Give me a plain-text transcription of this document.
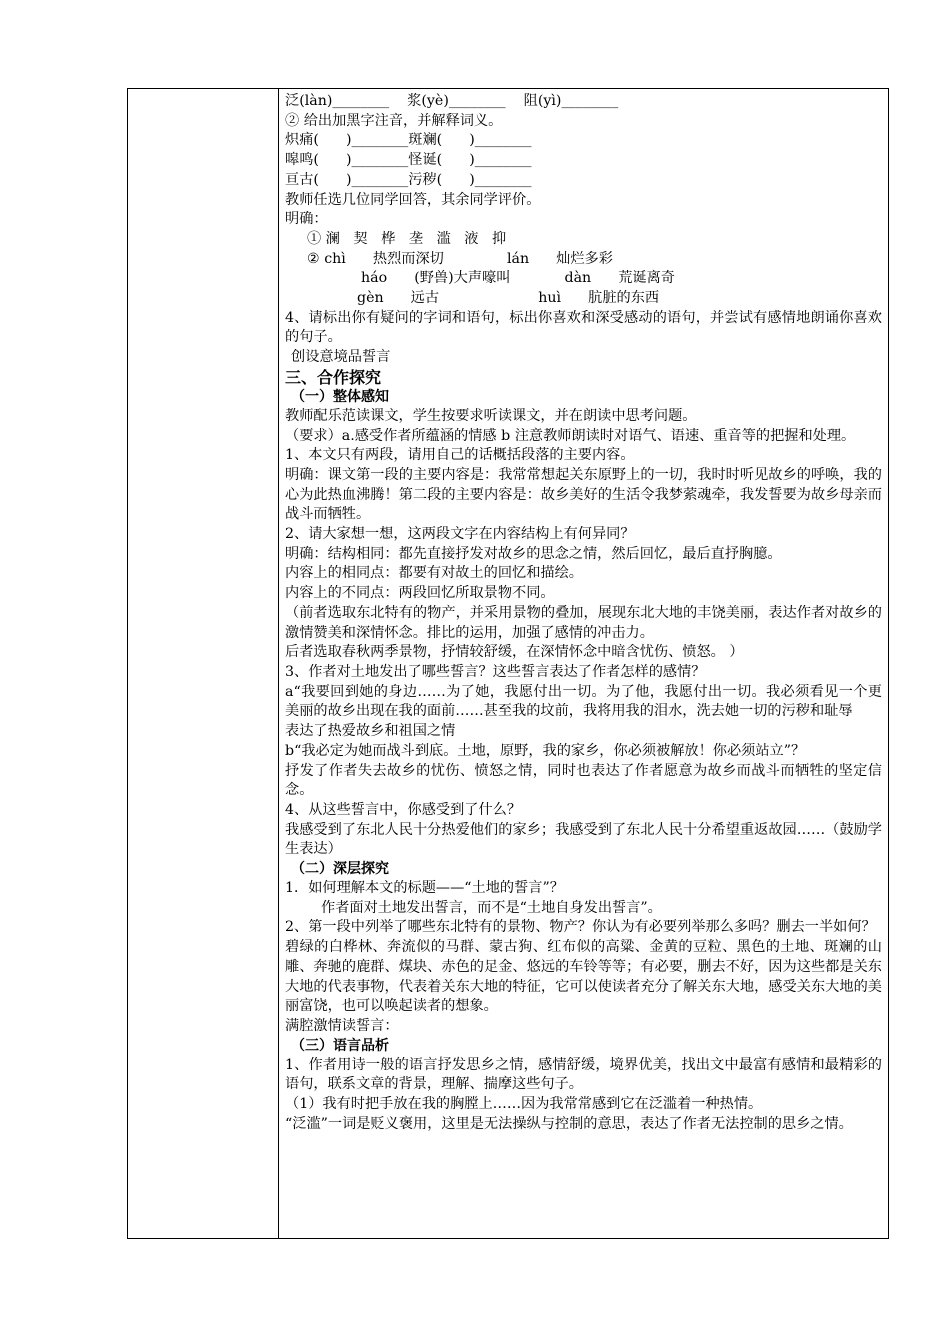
泛(làn)________    浆(yè)________    阻(yì)________

② 给出加黑字注音，并解释词义。

炽痛(      )________斑斓(      )________

嗥鸣(      )________怪诞(      )________

亘古(      )________污秽(      )________

教师任选几位同学回答，其余同学评价。

明确：

① 澜   契   桦   垄   滥   液   抑

② chì      热烈而深切              lán      灿烂多彩

háo      (野兽)大声嚎叫            dàn      荒诞离奇

gèn      远古                      huì      肮脏的东西

4、请标出你有疑问的字词和语句，标出你喜欢和深受感动的语句，并尝试有感情地朗诵你喜欢的句子。

创设意境品誓言

三、合作探究

（一）整体感知

教师配乐范读课文，学生按要求听读课文，并在朗读中思考问题。

（要求）a.感受作者所蕴涵的情感 b 注意教师朗读时对语气、语速、重音等的把握和处理。

1、本文只有两段，请用自己的话概括段落的主要内容。

明确：课文第一段的主要内容是：我常常想起关东原野上的一切，我时时听见故乡的呼唤，我的心为此热血沸腾！第二段的主要内容是：故乡美好的生活令我梦萦魂牵，我发誓要为故乡母亲而战斗而牺牲。

2、请大家想一想，这两段文字在内容结构上有何异同？

明确：结构相同：都先直接抒发对故乡的思念之情，然后回忆，最后直抒胸臆。

内容上的相同点：都要有对故土的回忆和描绘。

内容上的不同点：两段回忆所取景物不同。

（前者选取东北特有的物产，并采用景物的叠加，展现东北大地的丰饶美丽，表达作者对故乡的激情赞美和深情怀念。排比的运用，加强了感情的冲击力。

后者选取春秋两季景物，抒情较舒缓，在深情怀念中暗含忧伤、愤怒。 ）

3、作者对土地发出了哪些誓言？这些誓言表达了作者怎样的感情？

a“我要回到她的身边……为了她，我愿付出一切。为了他，我愿付出一切。我必须看见一个更美丽的故乡出现在我的面前……甚至我的坟前，我将用我的泪水，洗去她一切的污秽和耻辱

表达了热爱故乡和祖国之情

b“我必定为她而战斗到底。土地，原野，我的家乡，你必须被解放！你必须站立”？

抒发了作者失去故乡的忧伤、愤怒之情，同时也表达了作者愿意为故乡而战斗而牺牲的坚定信念。

4、从这些誓言中，你感受到了什么？

我感受到了东北人民十分热爱他们的家乡；我感受到了东北人民十分希望重返故园……（鼓励学生表达）

（二）深层探究

1．如何理解本文的标题——“土地的誓言”？

作者面对土地发出誓言，而不是“土地自身发出誓言”。

2、第一段中列举了哪些东北特有的景物、物产？你认为有必要列举那么多吗？删去一半如何？

碧绿的白桦林、奔流似的马群、蒙古狗、红布似的高粱、金黄的豆粒、黑色的土地、斑斓的山雕、奔驰的鹿群、煤块、赤色的足金、悠远的车铃等等；有必要，删去不好，因为这些都是关东大地的代表事物，代表着关东大地的特征，它可以使读者充分了解关东大地，感受关东大地的美丽富饶，也可以唤起读者的想象。

满腔激情读誓言：

（三）语言品析

1、作者用诗一般的语言抒发思乡之情，感情舒缓，境界优美，找出文中最富有感情和最精彩的语句，联系文章的背景，理解、揣摩这些句子。

（1）我有时把手放在我的胸膛上……因为我常常感到它在泛滥着一种热情。

“泛滥”一词是贬义褒用，这里是无法操纵与控制的意思，表达了作者无法控制的思乡之情。
